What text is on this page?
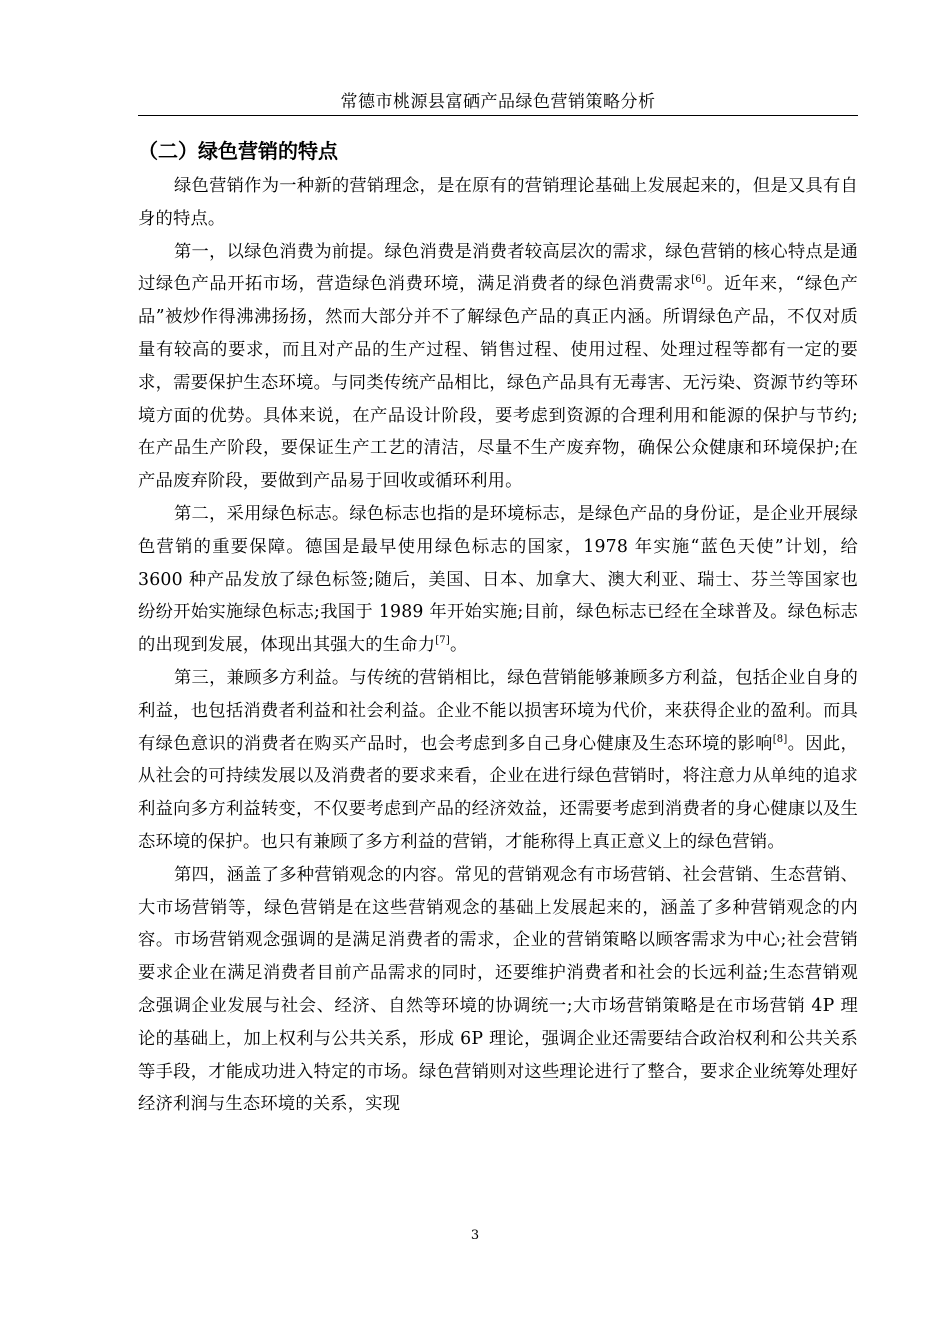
常德市桃源县富硒产品绿色营销策略分析
（二）绿色营销的特点

绿色营销作为一种新的营销理念，是在原有的营销理论基础上发展起来的，但是又具有自身的特点。

第一，以绿色消费为前提。绿色消费是消费者较高层次的需求，绿色营销的核心特点是通过绿色产品开拓市场，营造绿色消费环境，满足消费者的绿色消费需求[6]。近年来，“绿色产品”被炒作得沸沸扬扬，然而大部分并不了解绿色产品的真正内涵。所谓绿色产品，不仅对质量有较高的要求，而且对产品的生产过程、销售过程、使用过程、处理过程等都有一定的要求，需要保护生态环境。与同类传统产品相比，绿色产品具有无毒害、无污染、资源节约等环境方面的优势。具体来说，在产品设计阶段，要考虑到资源的合理利用和能源的保护与节约;在产品生产阶段，要保证生产工艺的清洁，尽量不生产废弃物，确保公众健康和环境保护;在产品废弃阶段，要做到产品易于回收或循环利用。

第二，采用绿色标志。绿色标志也指的是环境标志，是绿色产品的身份证，是企业开展绿色营销的重要保障。德国是最早使用绿色标志的国家，1978 年实施“蓝色天使”计划，给 3600 种产品发放了绿色标签;随后，美国、日本、加拿大、澳大利亚、瑞士、芬兰等国家也纷纷开始实施绿色标志;我国于 1989 年开始实施;目前，绿色标志已经在全球普及。绿色标志的出现到发展，体现出其强大的生命力[7]。

第三，兼顾多方利益。与传统的营销相比，绿色营销能够兼顾多方利益，包括企业自身的利益，也包括消费者利益和社会利益。企业不能以损害环境为代价，来获得企业的盈利。而具有绿色意识的消费者在购买产品时，也会考虑到多自己身心健康及生态环境的影响[8]。因此，从社会的可持续发展以及消费者的要求来看，企业在进行绿色营销时，将注意力从单纯的追求利益向多方利益转变，不仅要考虑到产品的经济效益，还需要考虑到消费者的身心健康以及生态环境的保护。也只有兼顾了多方利益的营销，才能称得上真正意义上的绿色营销。

第四，涵盖了多种营销观念的内容。常见的营销观念有市场营销、社会营销、生态营销、大市场营销等，绿色营销是在这些营销观念的基础上发展起来的，涵盖了多种营销观念的内容。市场营销观念强调的是满足消费者的需求，企业的营销策略以顾客需求为中心;社会营销要求企业在满足消费者目前产品需求的同时，还要维护消费者和社会的长远利益;生态营销观念强调企业发展与社会、经济、自然等环境的协调统一;大市场营销策略是在市场营销 4P 理论的基础上，加上权利与公共关系，形成 6P 理论，强调企业还需要结合政治权利和公共关系等手段，才能成功进入特定的市场。绿色营销则对这些理论进行了整合，要求企业统筹处理好经济利润与生态环境的关系，实现

3
